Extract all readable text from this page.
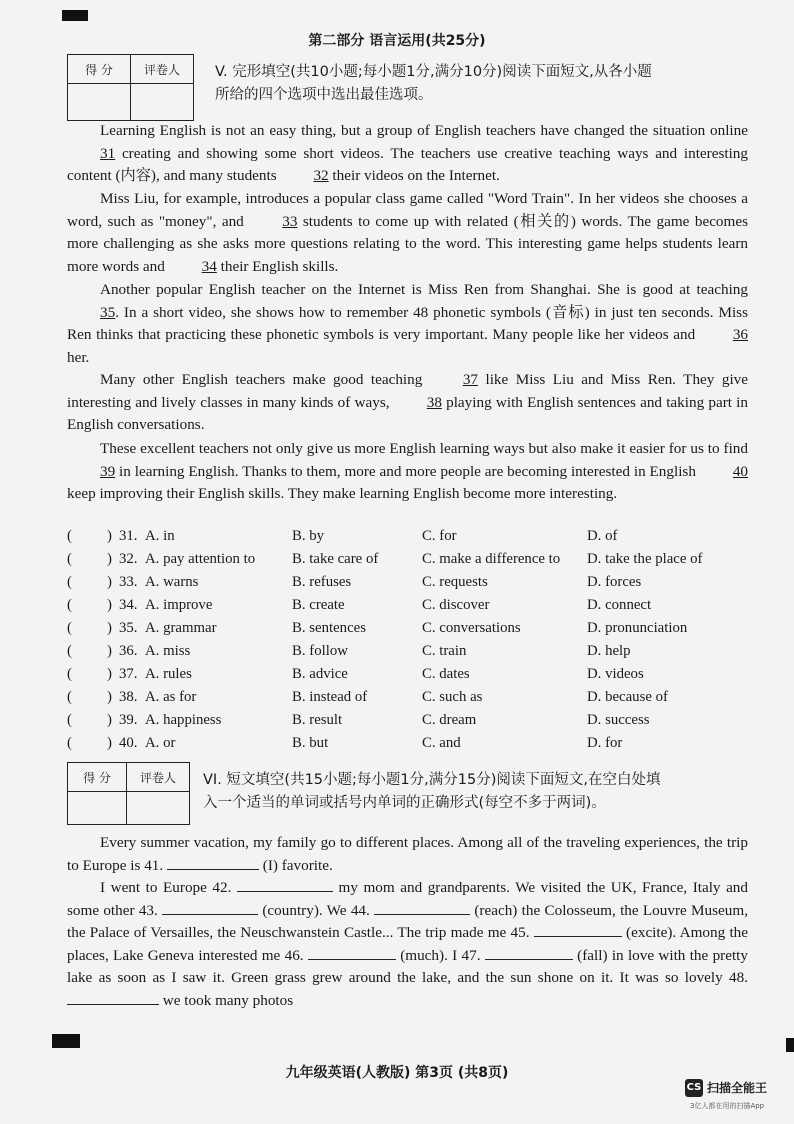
第二部分 语言运用(共25分)
得 分	评卷人
	V. 完形填空(共10小题;每小题1分,满分10分)阅读下面短文,从各小题
所给的四个选项中选出最佳选项。

Learning English is not an easy thing, but a group of English teachers have changed the situation online 31 creating and showing some short videos. The teachers use creative teaching ways and interesting content (内容), and many students 32 their videos on the Internet.

Miss Liu, for example, introduces a popular class game called "Word Train". In her videos she chooses a word, such as "money", and 33 students to come up with related (相关的) words. The game becomes more challenging as she asks more questions relating to the word. This interesting game helps students learn more words and 34 their English skills.

Another popular English teacher on the Internet is Miss Ren from Shanghai. She is good at teaching 35. In a short video, she shows how to remember 48 phonetic symbols (音标) in just ten seconds. Miss Ren thinks that practicing these phonetic symbols is very important. Many people like her videos and 36 her.

Many other English teachers make good teaching 37 like Miss Liu and Miss Ren. They give interesting and lively classes in many kinds of ways, 38 playing with English sentences and taking part in English conversations.

These excellent teachers not only give us more English learning ways but also make it easier for us to find 39 in learning English. Thanks to them, more and more people are becoming interested in English 40 keep improving their English skills. They make learning English become more interesting.

( ) 31. A. in	B. by	C. for	D. of
( ) 32. A. pay attention to B. take care of	C. make a difference to D. take the place of
( ) 33. A. warns	B. refuses	C. requests	D. forces
( ) 34. A. improve	B. create	C. discover	D. connect
( ) 35. A. grammar	B. sentences	C. conversations	D. pronunciation
( ) 36. A. miss	B. follow	C. train	D. help
( ) 37. A. rules	B. advice	C. dates	D. videos
( ) 38. A. as for	B. instead of	C. such as	D. because of
( ) 39. A. happiness	B. result	C. dream	D. success
( ) 40. A. or	B. but	C. and	D. for
得 分	评卷人
	VI. 短文填空(共15小题;每小题1分,满分15分)阅读下面短文,在空白处填
入一个适当的单词或括号内单词的正确形式(每空不多于两词)。

Every summer vacation, my family go to different places. Among all of the traveling experiences, the trip to Europe is 41.	(I) favorite.

I went to Europe 42.	my mom and grandparents. We visited the UK, France, Italy and some other 43.	(country). We 44.	(reach) the Colosseum, the Louvre Museum, the Palace of Versailles, the Neuschwanstein Castle... The trip made me 45.	(excite). Among the places, Lake Geneva interested me 46.	(much). I 47.	(fall) in love with the pretty lake as soon as I saw it. Green grass grew around the lake, and the sun shone on it. It was so lovely 48.  we took many photos

九年级英语(人教版) 第3页 (共8页)
CS 扫描全能王
3亿人都在用的扫描App
